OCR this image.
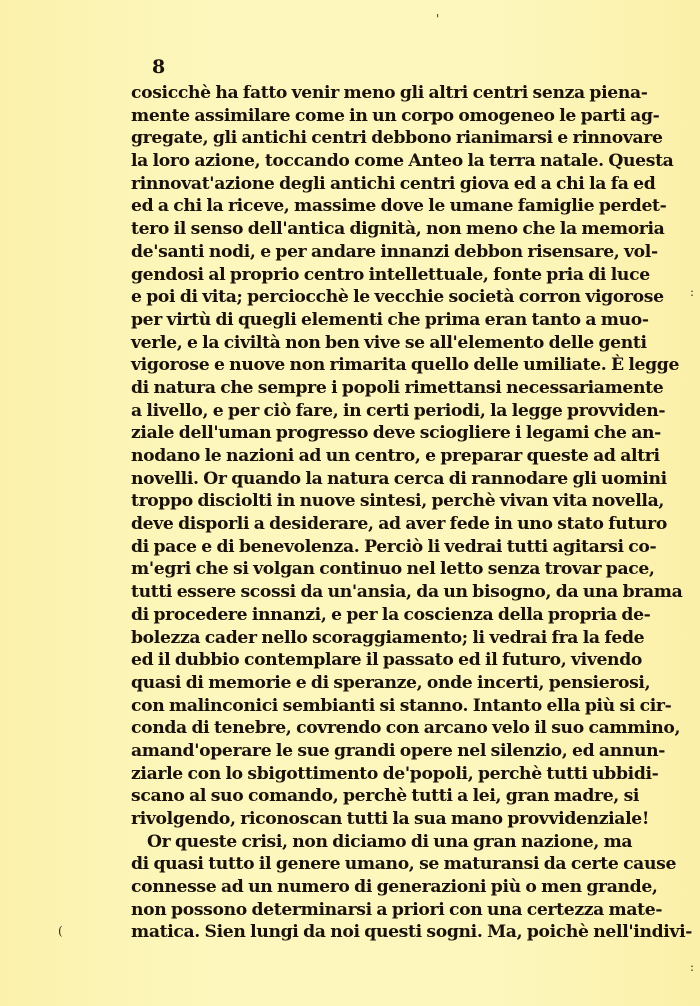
8
'
(
:
:
cosicchè ha fatto venir meno gli altri centri senza piena-
mente assimilare come in un corpo omogeneo le parti ag-
gregate, gli antichi centri debbono rianimarsi e rinnovare
la loro azione, toccando come Anteo la terra natale. Questa
rinnovat'azione degli antichi centri giova ed a chi la fa ed
ed a chi la riceve, massime dove le umane famiglie perdet-
tero il senso dell'antica dignità, non meno che la memoria
de'santi nodi, e per andare innanzi debbon risensare, vol-
gendosi al proprio centro intellettuale, fonte pria di luce
e poi di vita; perciocchè le vecchie società corron vigorose
per virtù di quegli elementi che prima eran tanto a muo-
verle, e la civiltà non ben vive se all'elemento delle genti
vigorose e nuove non rimarita quello delle umiliate. È legge
di natura che sempre i popoli rimettansi necessariamente
a livello, e per ciò fare, in certi periodi, la legge provviden-
ziale dell'uman progresso deve sciogliere i legami che an-
nodano le nazioni ad un centro, e preparar queste ad altri
novelli. Or quando la natura cerca di rannodare gli uomini
troppo disciolti in nuove sintesi, perchè vivan vita novella,
deve disporli a desiderare, ad aver fede in uno stato futuro
di pace e di benevolenza. Perciò li vedrai tutti agitarsi co-
m'egri che si volgan continuo nel letto senza trovar pace,
tutti essere scossi da un'ansia, da un bisogno, da una brama
di procedere innanzi, e per la coscienza della propria de-
bolezza cader nello scoraggiamento; li vedrai fra la fede
ed il dubbio contemplare il passato ed il futuro, vivendo
quasi di memorie e di speranze, onde incerti, pensierosi,
con malinconici sembianti si stanno. Intanto ella più si cir-
conda di tenebre, covrendo con arcano velo il suo cammino,
amand'operare le sue grandi opere nel silenzio, ed annun-
ziarle con lo sbigottimento de'popoli, perchè tutti ubbidi-
scano al suo comando, perchè tutti a lei, gran madre, si
rivolgendo, riconoscan tutti la sua mano provvidenziale!
Or queste crisi, non diciamo di una gran nazione, ma
di quasi tutto il genere umano, se maturansi da certe cause
connesse ad un numero di generazioni più o men grande,
non possono determinarsi a priori con una certezza mate-
matica. Sien lungi da noi questi sogni. Ma, poichè nell'indivi-
